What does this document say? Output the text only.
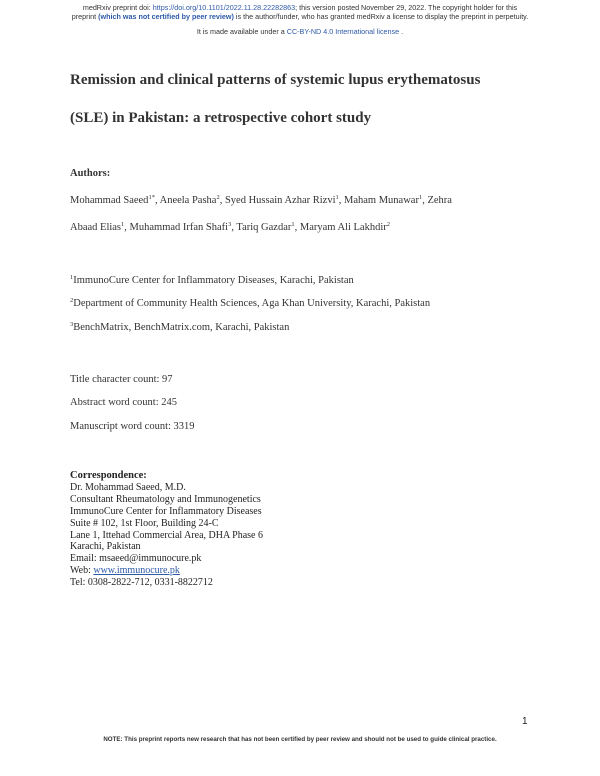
medRxiv preprint doi: https://doi.org/10.1101/2022.11.28.22282863; this version posted November 29, 2022. The copyright holder for this
preprint (which was not certified by peer review) is the author/funder, who has granted medRxiv a license to display the preprint in perpetuity.
It is made available under a CC-BY-ND 4.0 International license .
Remission and clinical patterns of systemic lupus erythematosus
(SLE) in Pakistan: a retrospective cohort study
Authors:
Mohammad Saeed$^{1*}$, Aneela Pasha$^2$, Syed Hussain Azhar Rizvi$^1$, Maham Munawar$^1$, Zehra
Abaad Elias$^1$, Muhammad Irfan Shafi$^3$, Tariq Gazdar$^1$, Maryam Ali Lakhdir$^2$
$^1$ImmunoCure Center for Inflammatory Diseases, Karachi, Pakistan
$^2$Department of Community Health Sciences, Aga Khan University, Karachi, Pakistan
$^3$BenchMatrix, BenchMatrix.com, Karachi, Pakistan
Title character count: 97
Abstract word count: 245
Manuscript word count: 3319
Correspondence:
Dr. Mohammad Saeed, M.D.
Consultant Rheumatology and Immunogenetics
ImmunoCure Center for Inflammatory Diseases
Suite # 102, 1st Floor, Building 24-C
Lane 1, Ittehad Commercial Area, DHA Phase 6
Karachi, Pakistan
Email: msaeed@immunocure.pk
Web: www.immunocure.pk
Tel: 0308-2822-712, 0331-8822712
1
NOTE: This preprint reports new research that has not been certified by peer review and should not be used to guide clinical practice.
